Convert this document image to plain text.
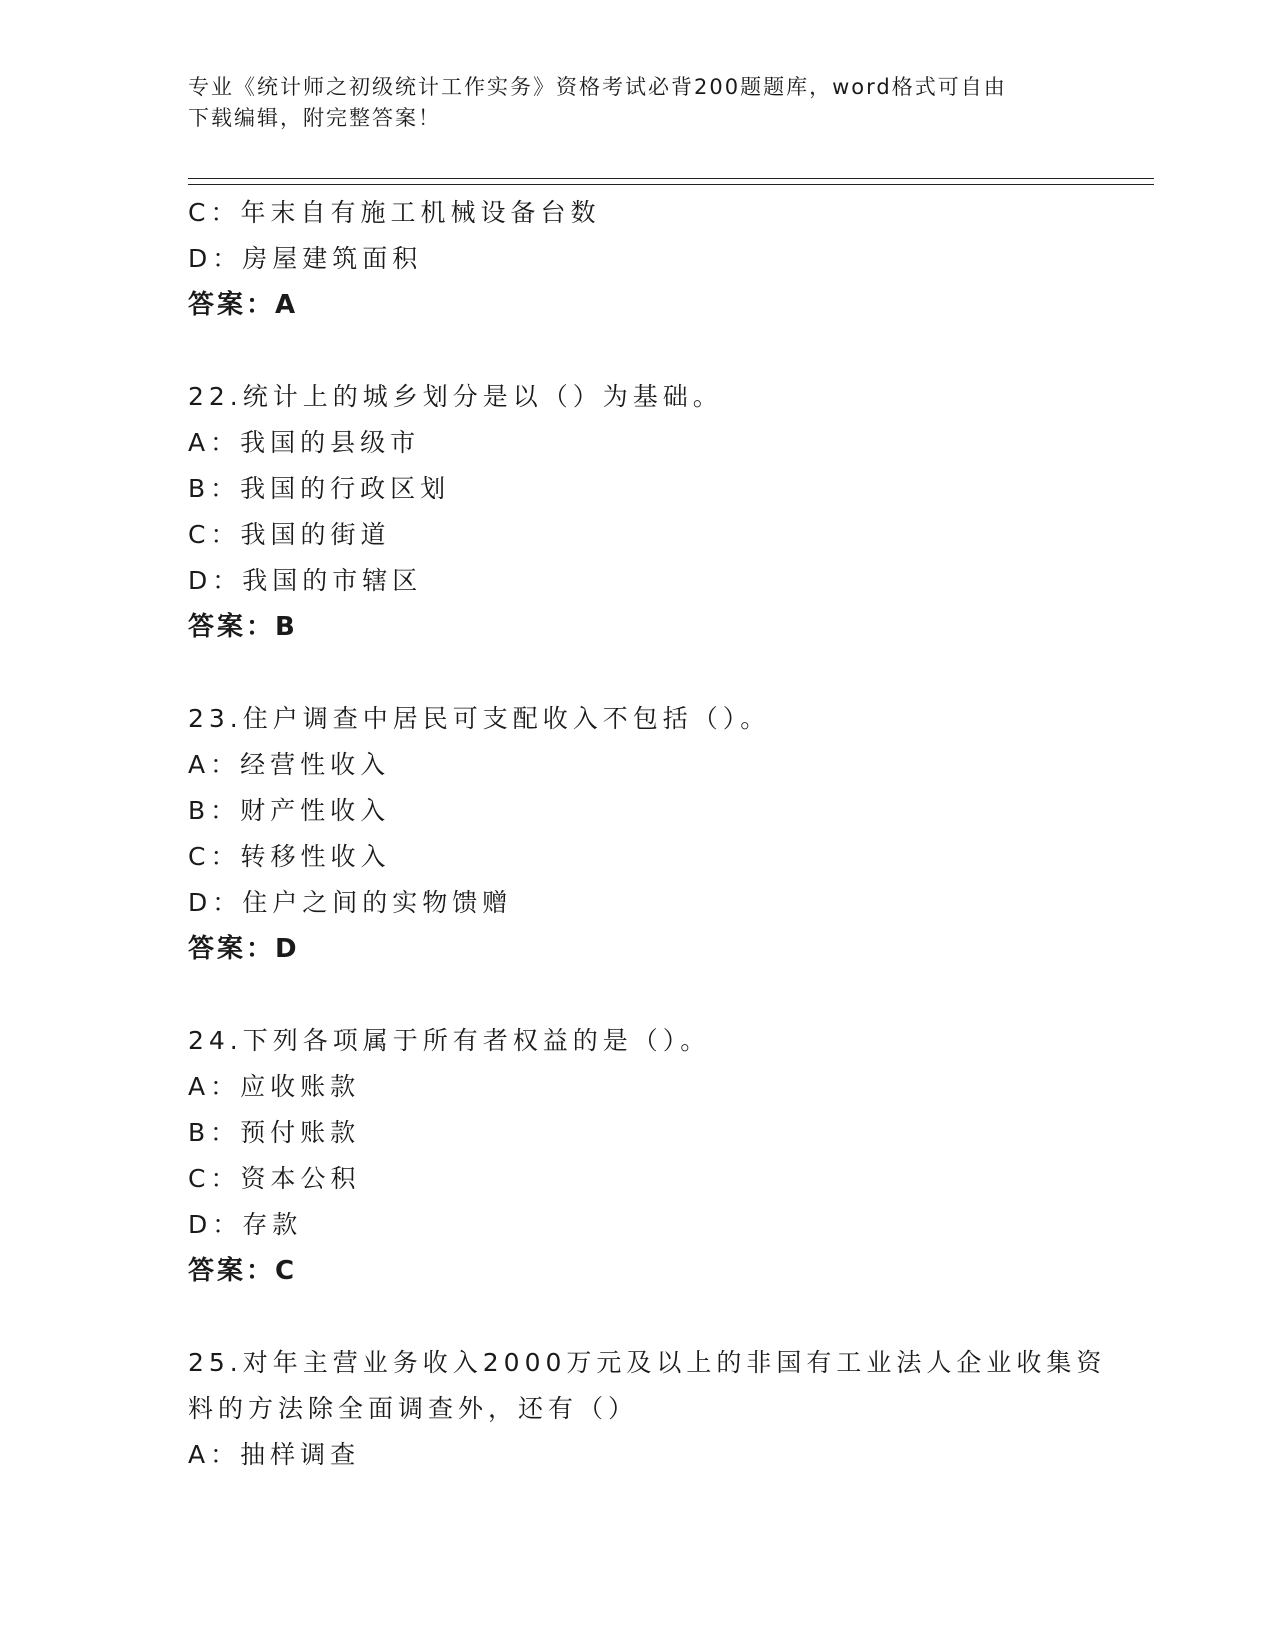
专业《统计师之初级统计工作实务》资格考试必背200题题库，word格式可自由
下载编辑，附完整答案！
C：年末自有施工机械设备台数
D：房屋建筑面积
答案：A
22.统计上的城乡划分是以（）为基础。
A：我国的县级市
B：我国的行政区划
C：我国的街道
D：我国的市辖区
答案：B
23.住户调查中居民可支配收入不包括（）。
A：经营性收入
B：财产性收入
C：转移性收入
D：住户之间的实物馈赠
答案：D
24.下列各项属于所有者权益的是（）。
A：应收账款
B：预付账款
C：资本公积
D：存款
答案：C
25.对年主营业务收入2000万元及以上的非国有工业法人企业收集资
料的方法除全面调查外，还有（）
A：抽样调查
